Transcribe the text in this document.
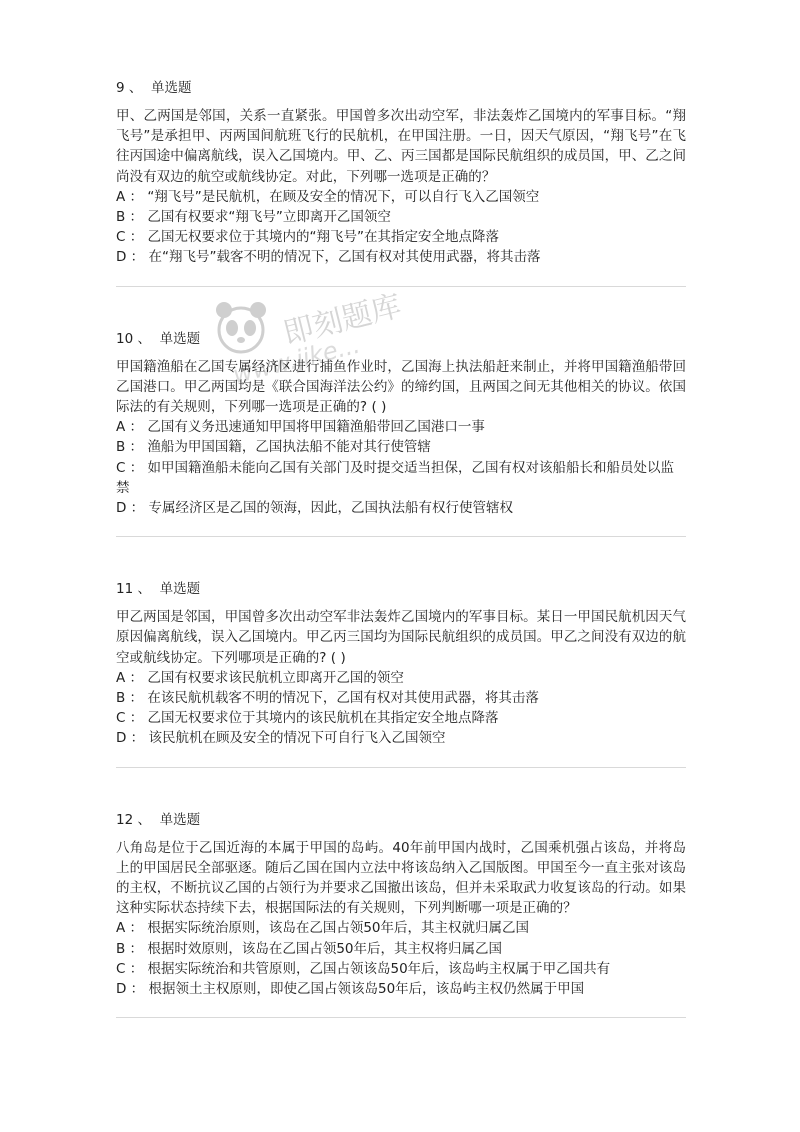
即刻题库
www.jike...
9 、 单选题
甲、乙两国是邻国，关系一直紧张。甲国曾多次出动空军，非法轰炸乙国境内的军事目标。“翔飞号”是承担甲、丙两国间航班飞行的民航机，在甲国注册。一日，因天气原因，“翔飞号”在飞往丙国途中偏离航线，误入乙国境内。甲、乙、丙三国都是国际民航组织的成员国，甲、乙之间尚没有双边的航空或航线协定。对此，下列哪一选项是正确的？
A ： “翔飞号”是民航机，在顾及安全的情况下，可以自行飞入乙国领空
B ： 乙国有权要求“翔飞号”立即离开乙国领空
C ： 乙国无权要求位于其境内的“翔飞号”在其指定安全地点降落
D ： 在“翔飞号”载客不明的情况下，乙国有权对其使用武器，将其击落
10 、 单选题
甲国籍渔船在乙国专属经济区进行捕鱼作业时，乙国海上执法船赶来制止，并将甲国籍渔船带回乙国港口。甲乙两国均是《联合国海洋法公约》的缔约国，且两国之间无其他相关的协议。依国际法的有关规则，下列哪一选项是正确的? ( )
A ： 乙国有义务迅速通知甲国将甲国籍渔船带回乙国港口一事
B ： 渔船为甲国国籍，乙国执法船不能对其行使管辖
C ： 如甲国籍渔船未能向乙国有关部门及时提交适当担保，乙国有权对该船船长和船员处以监禁
D ： 专属经济区是乙国的领海，因此，乙国执法船有权行使管辖权
11 、 单选题
甲乙两国是邻国，甲国曾多次出动空军非法轰炸乙国境内的军事目标。某日一甲国民航机因天气原因偏离航线，误入乙国境内。甲乙丙三国均为国际民航组织的成员国。甲乙之间没有双边的航空或航线协定。下列哪项是正确的? ( )
A ： 乙国有权要求该民航机立即离开乙国的领空
B ： 在该民航机载客不明的情况下，乙国有权对其使用武器，将其击落
C ： 乙国无权要求位于其境内的该民航机在其指定安全地点降落
D ： 该民航机在顾及安全的情况下可自行飞入乙国领空
12 、 单选题
八角岛是位于乙国近海的本属于甲国的岛屿。40年前甲国内战时，乙国乘机强占该岛，并将岛上的甲国居民全部驱逐。随后乙国在国内立法中将该岛纳入乙国版图。甲国至今一直主张对该岛的主权，不断抗议乙国的占领行为并要求乙国撤出该岛，但并未采取武力收复该岛的行动。如果这种实际状态持续下去，根据国际法的有关规则，下列判断哪一项是正确的？
A ： 根据实际统治原则，该岛在乙国占领50年后，其主权就归属乙国
B ： 根据时效原则，该岛在乙国占领50年后，其主权将归属乙国
C ： 根据实际统治和共管原则，乙国占领该岛50年后，该岛屿主权属于甲乙国共有
D ： 根据领土主权原则，即使乙国占领该岛50年后，该岛屿主权仍然属于甲国
